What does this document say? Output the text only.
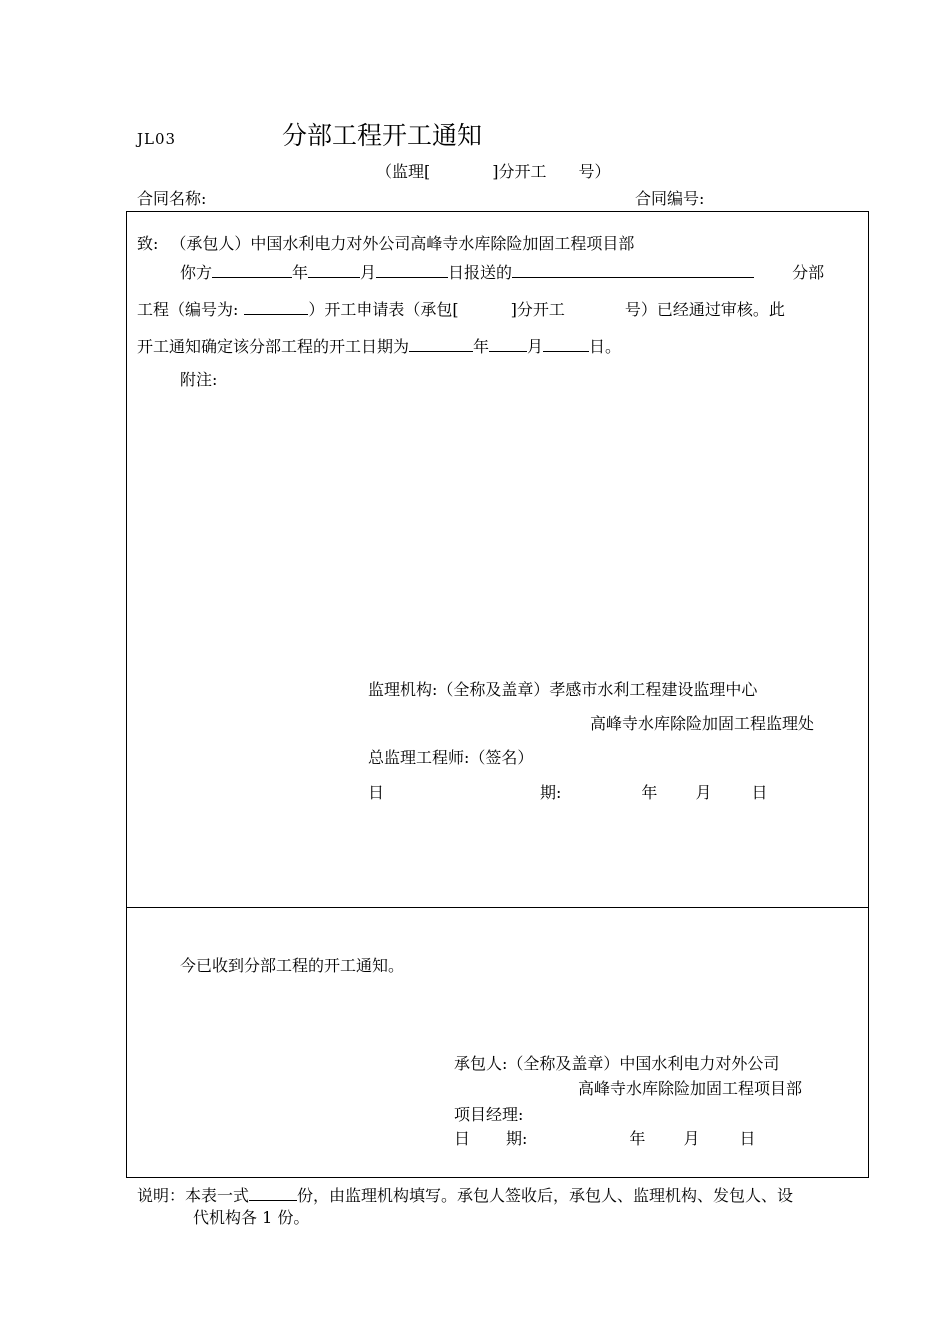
JL03	分部工程开工通知
（监理[	]分开工 号）
合同名称:	合同编号:
致: （承包人）中国水利电力对外公司高峰寺水库除险加固工程项目部
你方	年	月	日报送的	分部
工程（编号为:	）开工申请表（承包[	]分开工	号）已经通过审核。此
开工通知确定该分部工程的开工日期为	年 月	日。
附注:
监理机构:（全称及盖章）孝感市水利工程建设监理中心
高峰寺水库除险加固工程监理处
总监理工程师:（签名）
日	期:	年 月	日
今已收到分部工程的开工通知。
承包人:（全称及盖章）中国水利电力对外公司
高峰寺水库除险加固工程项目部
项目经理:
日 期:	年 月	日
说明：本表一式	份，由监理机构填写。承包人签收后，承包人、监理机构、发包人、设
代机构各 1 份。
